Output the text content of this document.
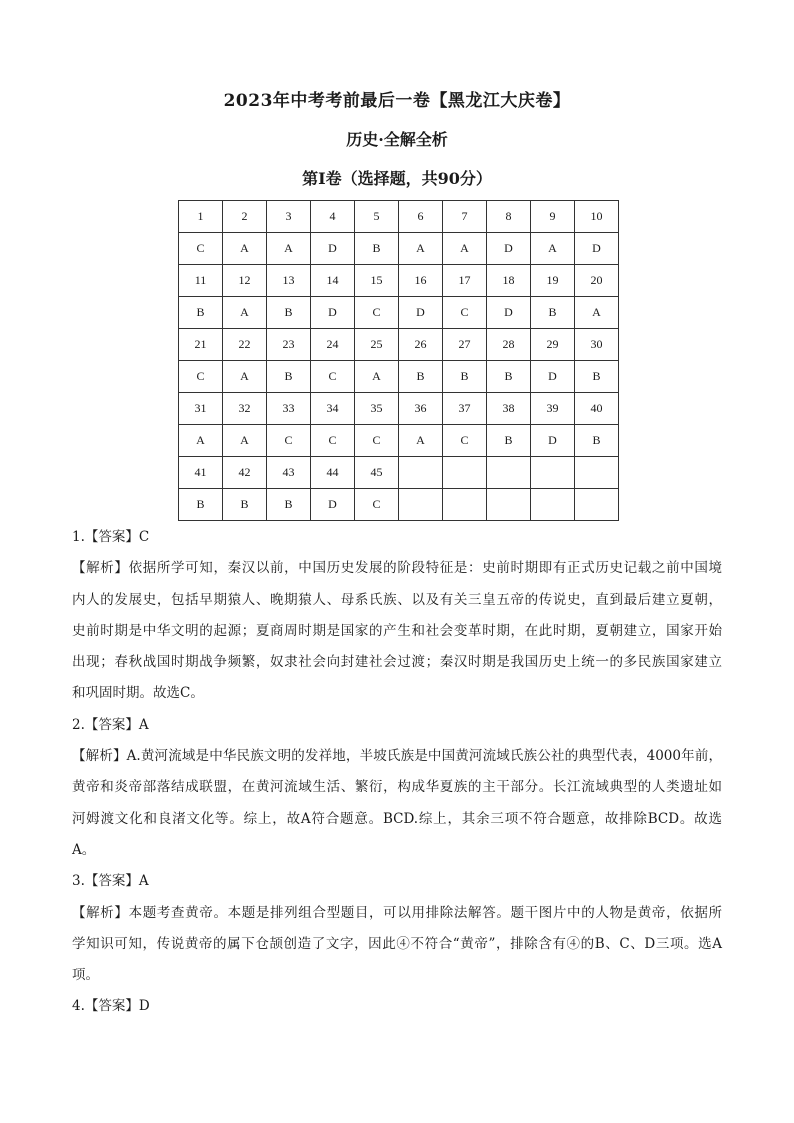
2023年中考考前最后一卷【黑龙江大庆卷】
历史·全解全析
第Ⅰ卷（选择题，共90分）
1	2	3	4	5	6	7	8	9	10
C	A	A	D	B	A	A	D	A	D
11	12	13	14	15	16	17	18	19	20
B	A	B	D	C	D	C	D	B	A
21	22	23	24	25	26	27	28	29	30
C	A	B	C	A	B	B	B	D	B
31	32	33	34	35	36	37	38	39	40
A	A	C	C	C	A	C	B	D	B
41	42	43	44	45					
B	B	B	D	C					
1.【答案】C
【解析】依据所学可知，秦汉以前，中国历史发展的阶段特征是：史前时期即有正式历史记载之前中国境
内人的发展史，包括早期猿人、晚期猿人、母系氏族、以及有关三皇五帝的传说史，直到最后建立夏朝，
史前时期是中华文明的起源；夏商周时期是国家的产生和社会变革时期，在此时期，夏朝建立，国家开始
出现；春秋战国时期战争频繁，奴隶社会向封建社会过渡；秦汉时期是我国历史上统一的多民族国家建立
和巩固时期。故选C。
2.【答案】A
【解析】A.黄河流域是中华民族文明的发祥地，半坡氏族是中国黄河流域氏族公社的典型代表，4000年前，
黄帝和炎帝部落结成联盟，在黄河流域生活、繁衍，构成华夏族的主干部分。长江流域典型的人类遗址如
河姆渡文化和良渚文化等。综上，故A符合题意。BCD.综上，其余三项不符合题意，故排除BCD。故选
A。
3.【答案】A
【解析】本题考查黄帝。本题是排列组合型题目，可以用排除法解答。题干图片中的人物是黄帝，依据所
学知识可知，传说黄帝的属下仓颉创造了文字，因此④不符合“黄帝”，排除含有④的B、C、D三项。选A
项。
4.【答案】D
